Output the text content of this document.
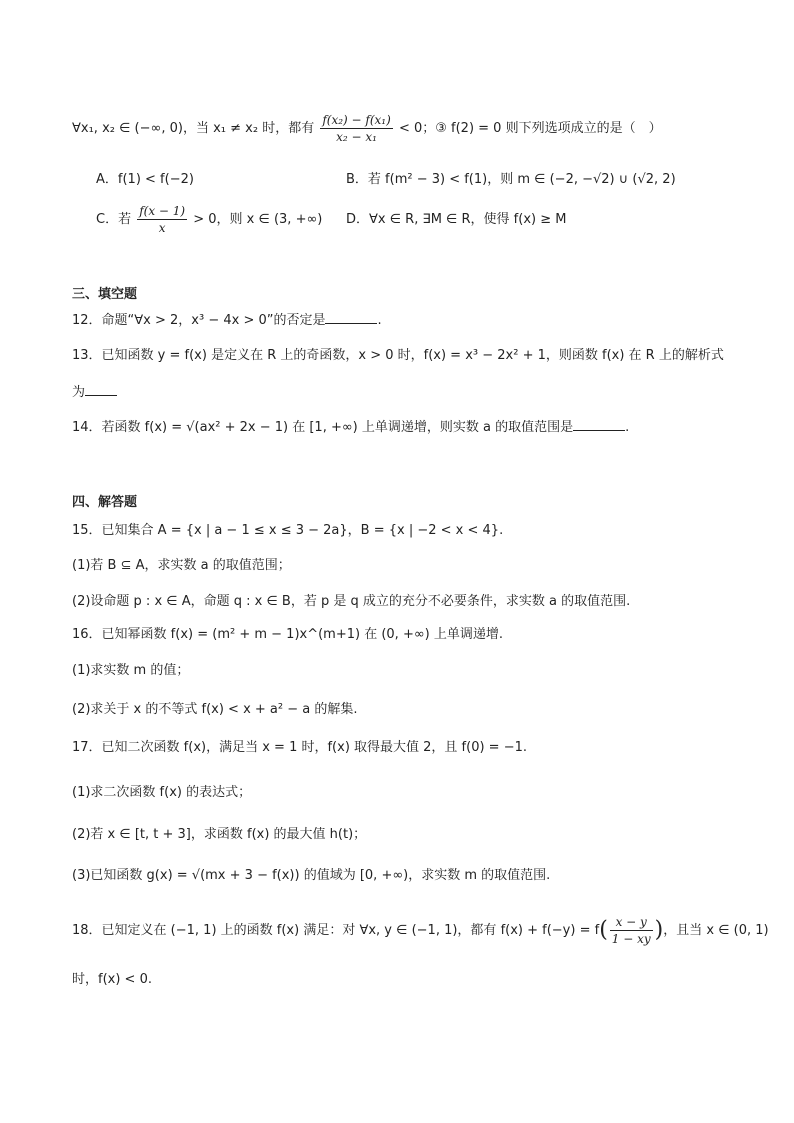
∀x₁, x₂ ∈ (−∞, 0)，当 x₁ ≠ x₂ 时，都有 $\frac{\text{f(x₂) − f(x₁)}}{\text{x₂ − x₁}} < 0$；③ f(2) = 0 则下列选项成立的是（　）
A．f(1) < f(−2)	B．若 f(m² − 3) < f(1)，则 m ∈ (−2, −√2) ∪ (√2, 2)
C．若 $\frac{f(x - 1)}{x} > 0$，则 x ∈ (3, +∞) D．∀x ∈ R, ∃M ∈ R，使得 f(x) ≥ M
三、填空题
12．命题“∀x > 2，x³ − 4x > 0”的否定是	.
13．已知函数 y = f(x) 是定义在 R 上的奇函数，x > 0 时，f(x) = x³ − 2x² + 1，则函数 f(x) 在 R 上的解析式
为
14．若函数 f(x) = √(ax² + 2x − 1) 在 [1, +∞) 上单调递增，则实数 a 的取值范围是	.
四、解答题
15．已知集合 A = {x | a − 1 ≤ x ≤ 3 − 2a}，B = {x | −2 < x < 4}.
(1)若 B ⊆ A，求实数 a 的取值范围；
(2)设命题 p : x ∈ A，命题 q : x ∈ B，若 p 是 q 成立的充分不必要条件，求实数 a 的取值范围.
16．已知幂函数 f(x) = (m² + m − 1)x^(m+1) 在 (0, +∞) 上单调递增.
(1)求实数 m 的值；
(2)求关于 x 的不等式 f(x) < x + a² − a 的解集.
17．已知二次函数 f(x)，满足当 x = 1 时，f(x) 取得最大值 2，且 f(0) = −1.
(1)求二次函数 f(x) 的表达式；
(2)若 x ∈ [t, t + 3]，求函数 f(x) 的最大值 h(t)；
(3)已知函数 g(x) = √(mx + 3 − f(x)) 的值域为 [0, +∞)，求实数 m 的取值范围.
18．已知定义在 (−1, 1) 上的函数 f(x) 满足：对 ∀x, y ∈ (−1, 1)，都有 $f(x) + f(-y) = f( \frac{x - y}{1 - xy}$ )，且当 x ∈ (0, 1)
时，f(x) < 0.
